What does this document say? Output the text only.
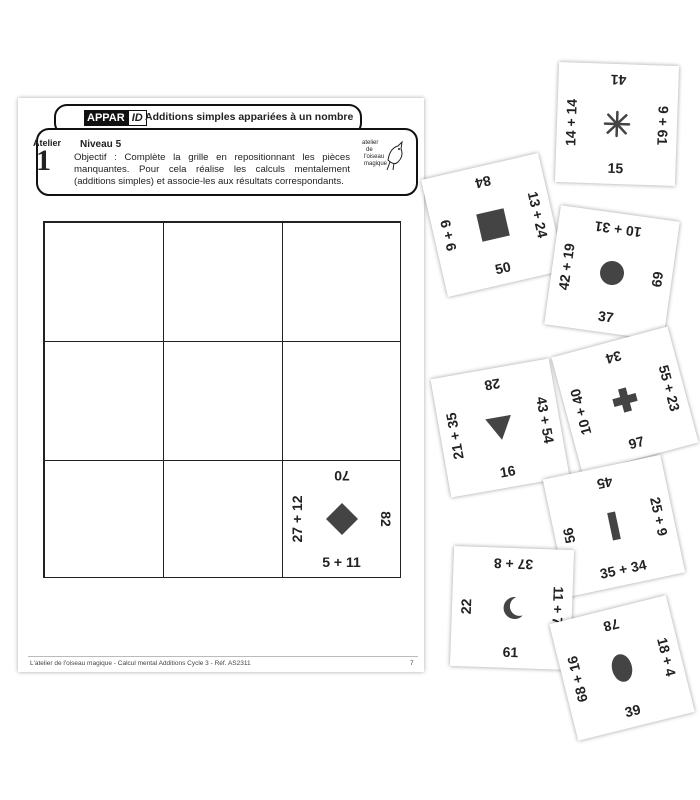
APPAR ID Additions simples appariées à un nombre
Atelier
1	Niveau 5
Objectif : Complète la grille en repositionnant les pièces manquantes. Pour cela réalise les calculs mentalement (additions simples) et associe-les aux résultats correspondants.
atelier
de
l'oiseau
magique
70
27 + 12	82
5 + 11
L'atelier de l'oiseau magique - Calcul mental Additions Cycle 3 - Réf. AS2311	7
41
14 + 14	9 + 61
15
84
9 + 9	13 + 24
50
10 + 31
42 + 19	69
37
34
10 + 40	55 + 23
97
28
21 + 35	43 + 54
16
45
56	25 + 9
35 + 34
37 + 8
22	11 + 71
61
78
68 + 16	18 + 4
39
